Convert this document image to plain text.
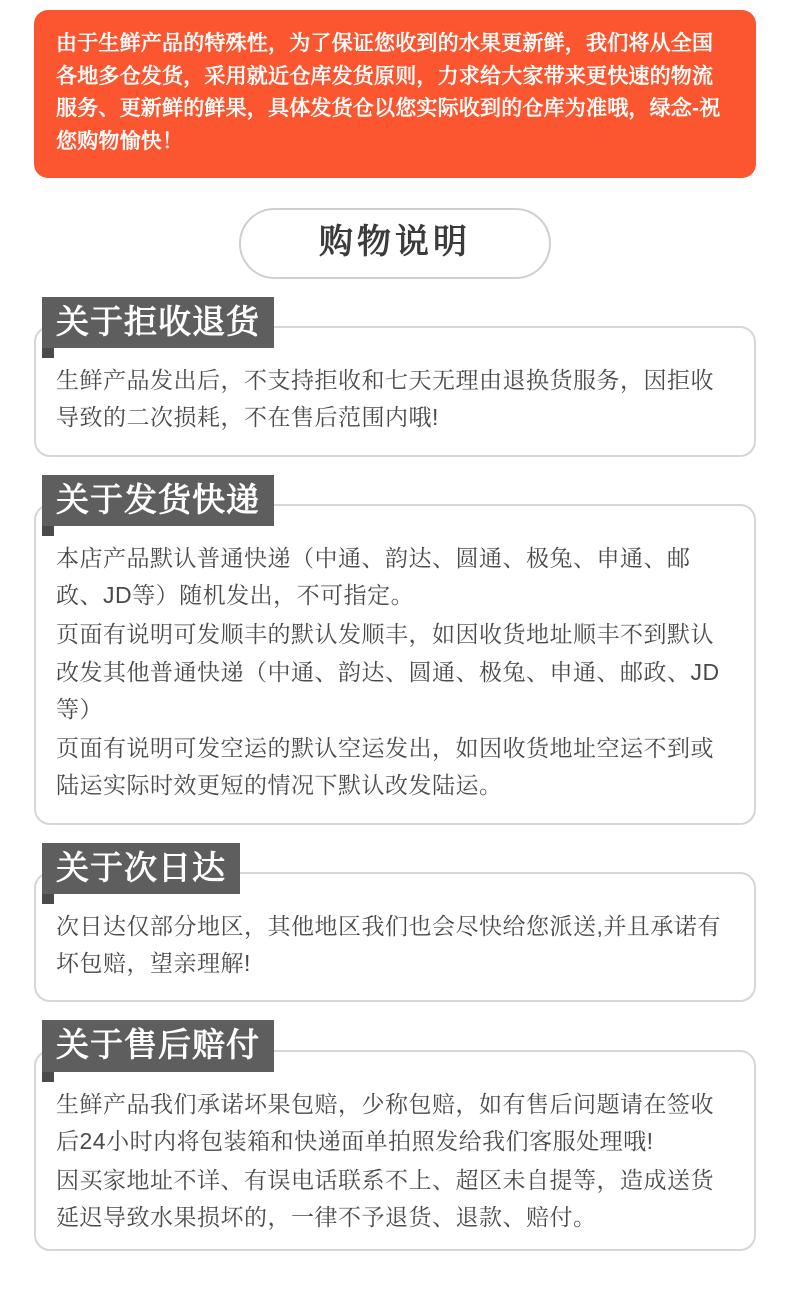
由于生鲜产品的特殊性，为了保证您收到的水果更新鲜，我们将从全国各地多仓发货，采用就近仓库发货原则，力求给大家带来更快速的物流服务、更新鲜的鲜果，具体发货仓以您实际收到的仓库为准哦，绿念-祝您购物愉快！

购物说明
关于拒收退货

生鲜产品发出后，不支持拒收和七天无理由退换货服务，因拒收导致的二次损耗，不在售后范围内哦!

关于发货快递

本店产品默认普通快递（中通、韵达、圆通、极兔、申通、邮政、JD等）随机发出，不可指定。

页面有说明可发顺丰的默认发顺丰，如因收货地址顺丰不到默认改发其他普通快递（中通、韵达、圆通、极兔、申通、邮政、JD等）

页面有说明可发空运的默认空运发出，如因收货地址空运不到或陆运实际时效更短的情况下默认改发陆运。

关于次日达

次日达仅部分地区，其他地区我们也会尽快给您派送,并且承诺有坏包赔，望亲理解!

关于售后赔付

生鲜产品我们承诺坏果包赔，少称包赔，如有售后问题请在签收后24小时内将包装箱和快递面单拍照发给我们客服处理哦!

因买家地址不详、有误电话联系不上、超区未自提等，造成送货延迟导致水果损坏的，一律不予退货、退款、赔付。
